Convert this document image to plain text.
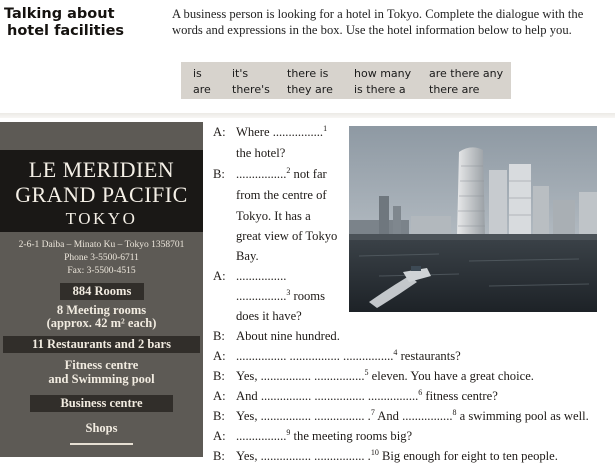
Talking about
hotel facilities
A business person is looking for a hotel in Tokyo. Complete the dialogue with the words and expressions in the box. Use the hotel information below to help you.
is	it's	there is how many are there any
are there's they are is there a there are
LE MERIDIEN
GRAND PACIFIC
TOKYO
2-6-1 Daiba – Minato Ku – Tokyo 1358701
Phone 3-5500-6711
Fax: 3-5500-4515
884 Rooms
8 Meeting rooms
(approx. 42 m² each)
11 Restaurants and 2 bars
Fitness centre
and Swimming pool
Business centre
Shops
A: Where ................$^1$
the hotel?
B: ................$^2$ not far
from the centre of
Tokyo. It has a
great view of Tokyo
Bay.
A: ................
................$^3$ rooms
does it have?
B: About nine hundred.
A: ................ ................ ................$^4$ restaurants?
B: Yes, ................ ................$^5$ eleven. You have a great choice.
A: And ................ ................ ................$^6$ fitness centre?
B: Yes, ................ ................ .$^7$ And ................$^8$ a swimming pool as well.
A: ................$^9$ the meeting rooms big?
B: Yes, ................ ................ .$^{10}$ Big enough for eight to ten people.
